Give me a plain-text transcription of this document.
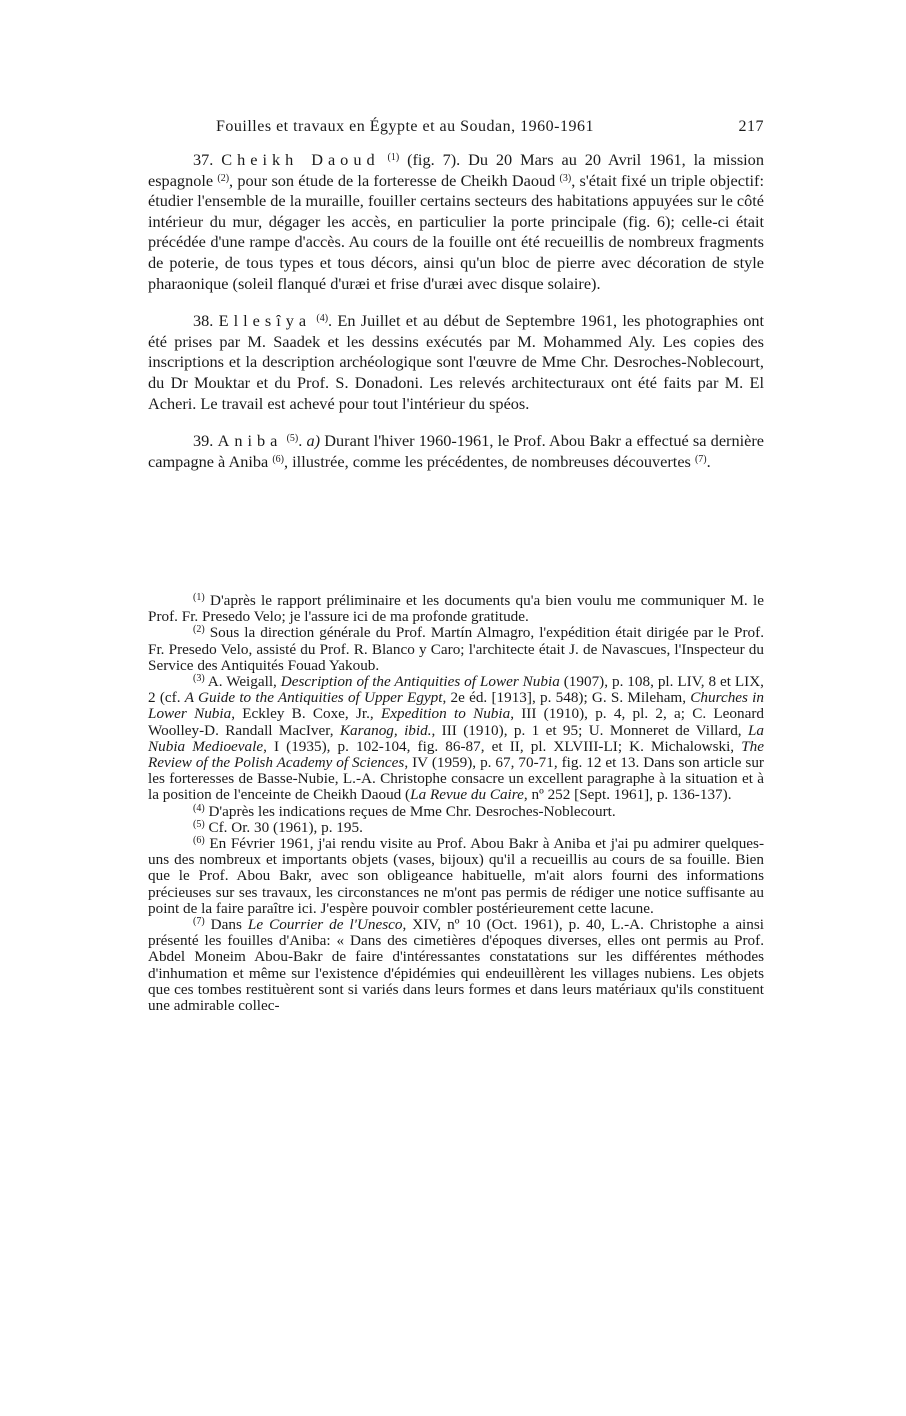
Fouilles et travaux en Égypte et au Soudan, 1960-1961	217

37. Cheikh Daoud $^{(1)}$ (fig. 7). Du 20 Mars au 20 Avril 1961, la mission espagnole $^{(2)}$, pour son étude de la forteresse de Cheikh Daoud $^{(3)}$, s'était fixé un triple objectif: étudier l'ensemble de la muraille, fouiller certains secteurs des habitations appuyées sur le côté intérieur du mur, dégager les accès, en particulier la porte principale (fig. 6); celle-ci était précédée d'une rampe d'accès. Au cours de la fouille ont été recueillis de nombreux fragments de poterie, de tous types et tous décors, ainsi qu'un bloc de pierre avec décoration de style pharaonique (soleil flanqué d'uræi et frise d'uræi avec disque solaire).

38. Ellesîya $^{(4)}$. En Juillet et au début de Septembre 1961, les photographies ont été prises par M. Saadek et les dessins exécutés par M. Mohammed Aly. Les copies des inscriptions et la description archéologique sont l'œuvre de Mme Chr. Desroches-Noblecourt, du Dr Mouktar et du Prof. S. Donadoni. Les relevés architecturaux ont été faits par M. El Acheri. Le travail est achevé pour tout l'intérieur du spéos.

39. Aniba $^{(5)}$. a) Durant l'hiver 1960-1961, le Prof. Abou Bakr a effectué sa dernière campagne à Aniba $^{(6)}$, illustrée, comme les précédentes, de nombreuses découvertes $^{(7)}$.

$^{(1)}$ D'après le rapport préliminaire et les documents qu'a bien voulu me communiquer M. le Prof. Fr. Presedo Velo; je l'assure ici de ma profonde gratitude.

$^{(2)}$ Sous la direction générale du Prof. Martín Almagro, l'expédition était dirigée par le Prof. Fr. Presedo Velo, assisté du Prof. R. Blanco y Caro; l'architecte était J. de Navascues, l'Inspecteur du Service des Antiquités Fouad Yakoub.

$^{(3)}$ A. Weigall, Description of the Antiquities of Lower Nubia (1907), p. 108, pl. LIV, 8 et LIX, 2 (cf. A Guide to the Antiquities of Upper Egypt, 2e éd. [1913], p. 548); G. S. Mileham, Churches in Lower Nubia, Eckley B. Coxe, Jr., Expedition to Nubia, III (1910), p. 4, pl. 2, a; C. Leonard Woolley-D. Randall MacIver, Karanog, ibid., III (1910), p. 1 et 95; U. Monneret de Villard, La Nubia Medioevale, I (1935), p. 102-104, fig. 86-87, et II, pl. XLVIII-LI; K. Michalowski, The Review of the Polish Academy of Sciences, IV (1959), p. 67, 70-71, fig. 12 et 13. Dans son article sur les forteresses de Basse-Nubie, L.-A. Christophe consacre un excellent paragraphe à la situation et à la position de l'enceinte de Cheikh Daoud (La Revue du Caire, nº 252 [Sept. 1961], p. 136-137).

$^{(4)}$ D'après les indications reçues de Mme Chr. Desroches-Noblecourt.

$^{(5)}$ Cf. Or. 30 (1961), p. 195.

$^{(6)}$ En Février 1961, j'ai rendu visite au Prof. Abou Bakr à Aniba et j'ai pu admirer quelques-uns des nombreux et importants objets (vases, bijoux) qu'il a recueillis au cours de sa fouille. Bien que le Prof. Abou Bakr, avec son obligeance habituelle, m'ait alors fourni des informations précieuses sur ses travaux, les circonstances ne m'ont pas permis de rédiger une notice suffisante au point de la faire paraître ici. J'espère pouvoir combler postérieurement cette lacune.

$^{(7)}$ Dans Le Courrier de l'Unesco, XIV, nº 10 (Oct. 1961), p. 40, L.-A. Christophe a ainsi présenté les fouilles d'Aniba: « Dans des cimetières d'époques diverses, elles ont permis au Prof. Abdel Moneim Abou-Bakr de faire d'intéressantes constatations sur les différentes méthodes d'inhumation et même sur l'existence d'épidémies qui endeuillèrent les villages nubiens. Les objets que ces tombes restituèrent sont si variés dans leurs formes et dans leurs matériaux qu'ils constituent une admirable collec-
